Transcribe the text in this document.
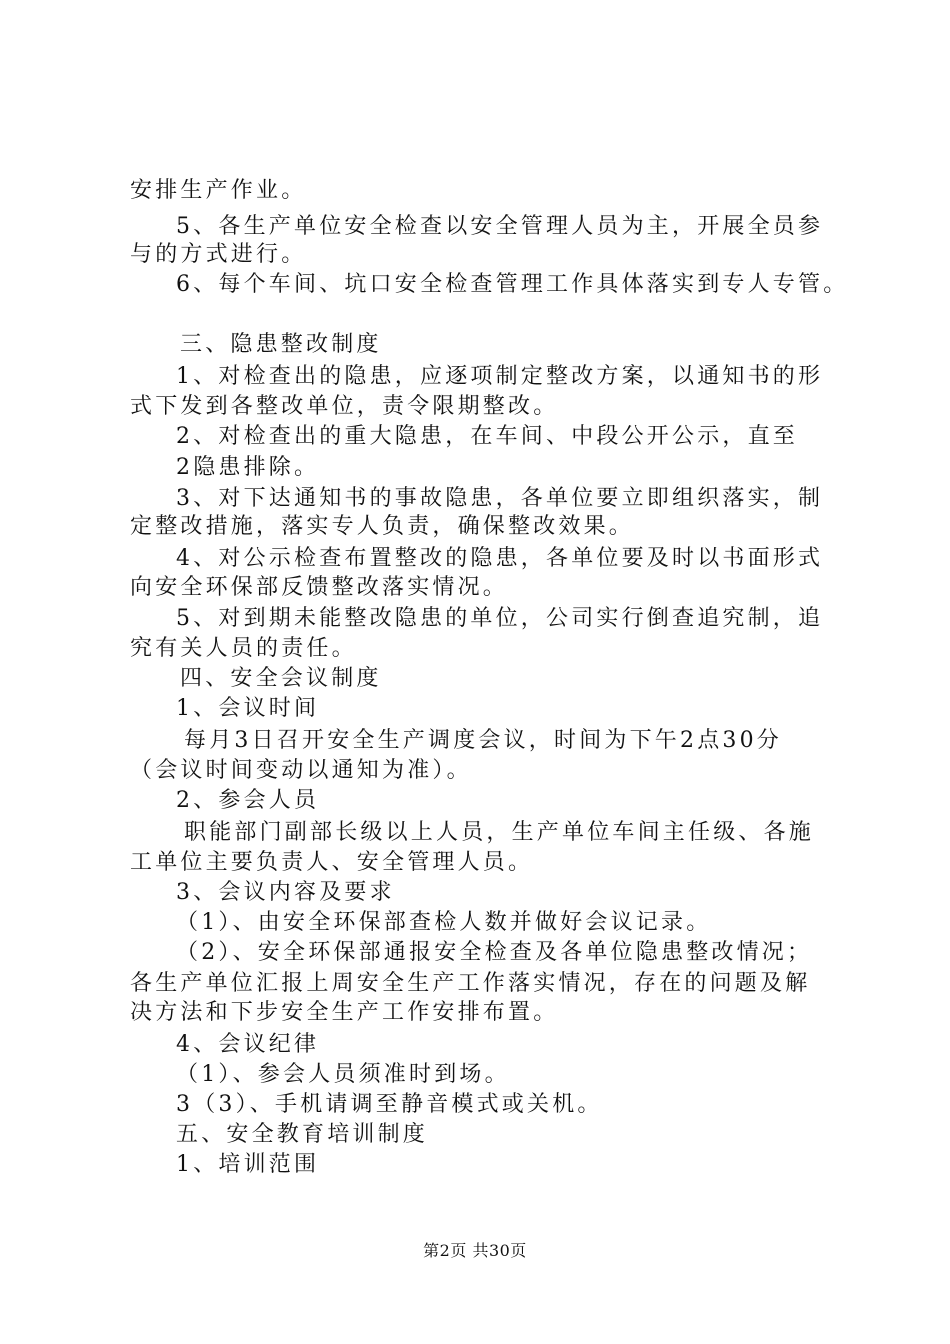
安排生产作业。
5、各生产单位安全检查以安全管理人员为主，开展全员参
与的方式进行。
6、每个车间、坑口安全检查管理工作具体落实到专人专管。
三、隐患整改制度
1、对检查出的隐患，应逐项制定整改方案，以通知书的形
式下发到各整改单位，责令限期整改。
2、对检查出的重大隐患，在车间、中段公开公示，直至
2隐患排除。
3、对下达通知书的事故隐患，各单位要立即组织落实，制
定整改措施，落实专人负责，确保整改效果。
4、对公示检查布置整改的隐患，各单位要及时以书面形式
向安全环保部反馈整改落实情况。
5、对到期未能整改隐患的单位，公司实行倒查追究制，追
究有关人员的责任。
四、安全会议制度
1、会议时间
每月3日召开安全生产调度会议，时间为下午2点30分
（会议时间变动以通知为准）。
2、参会人员
职能部门副部长级以上人员，生产单位车间主任级、各施
工单位主要负责人、安全管理人员。
3、会议内容及要求
（1）、由安全环保部查检人数并做好会议记录。
（2）、安全环保部通报安全检查及各单位隐患整改情况；
各生产单位汇报上周安全生产工作落实情况，存在的问题及解
决方法和下步安全生产工作安排布置。
4、会议纪律
（1）、参会人员须准时到场。
3（3）、手机请调至静音模式或关机。
五、安全教育培训制度
1、培训范围
第2页 共30页
